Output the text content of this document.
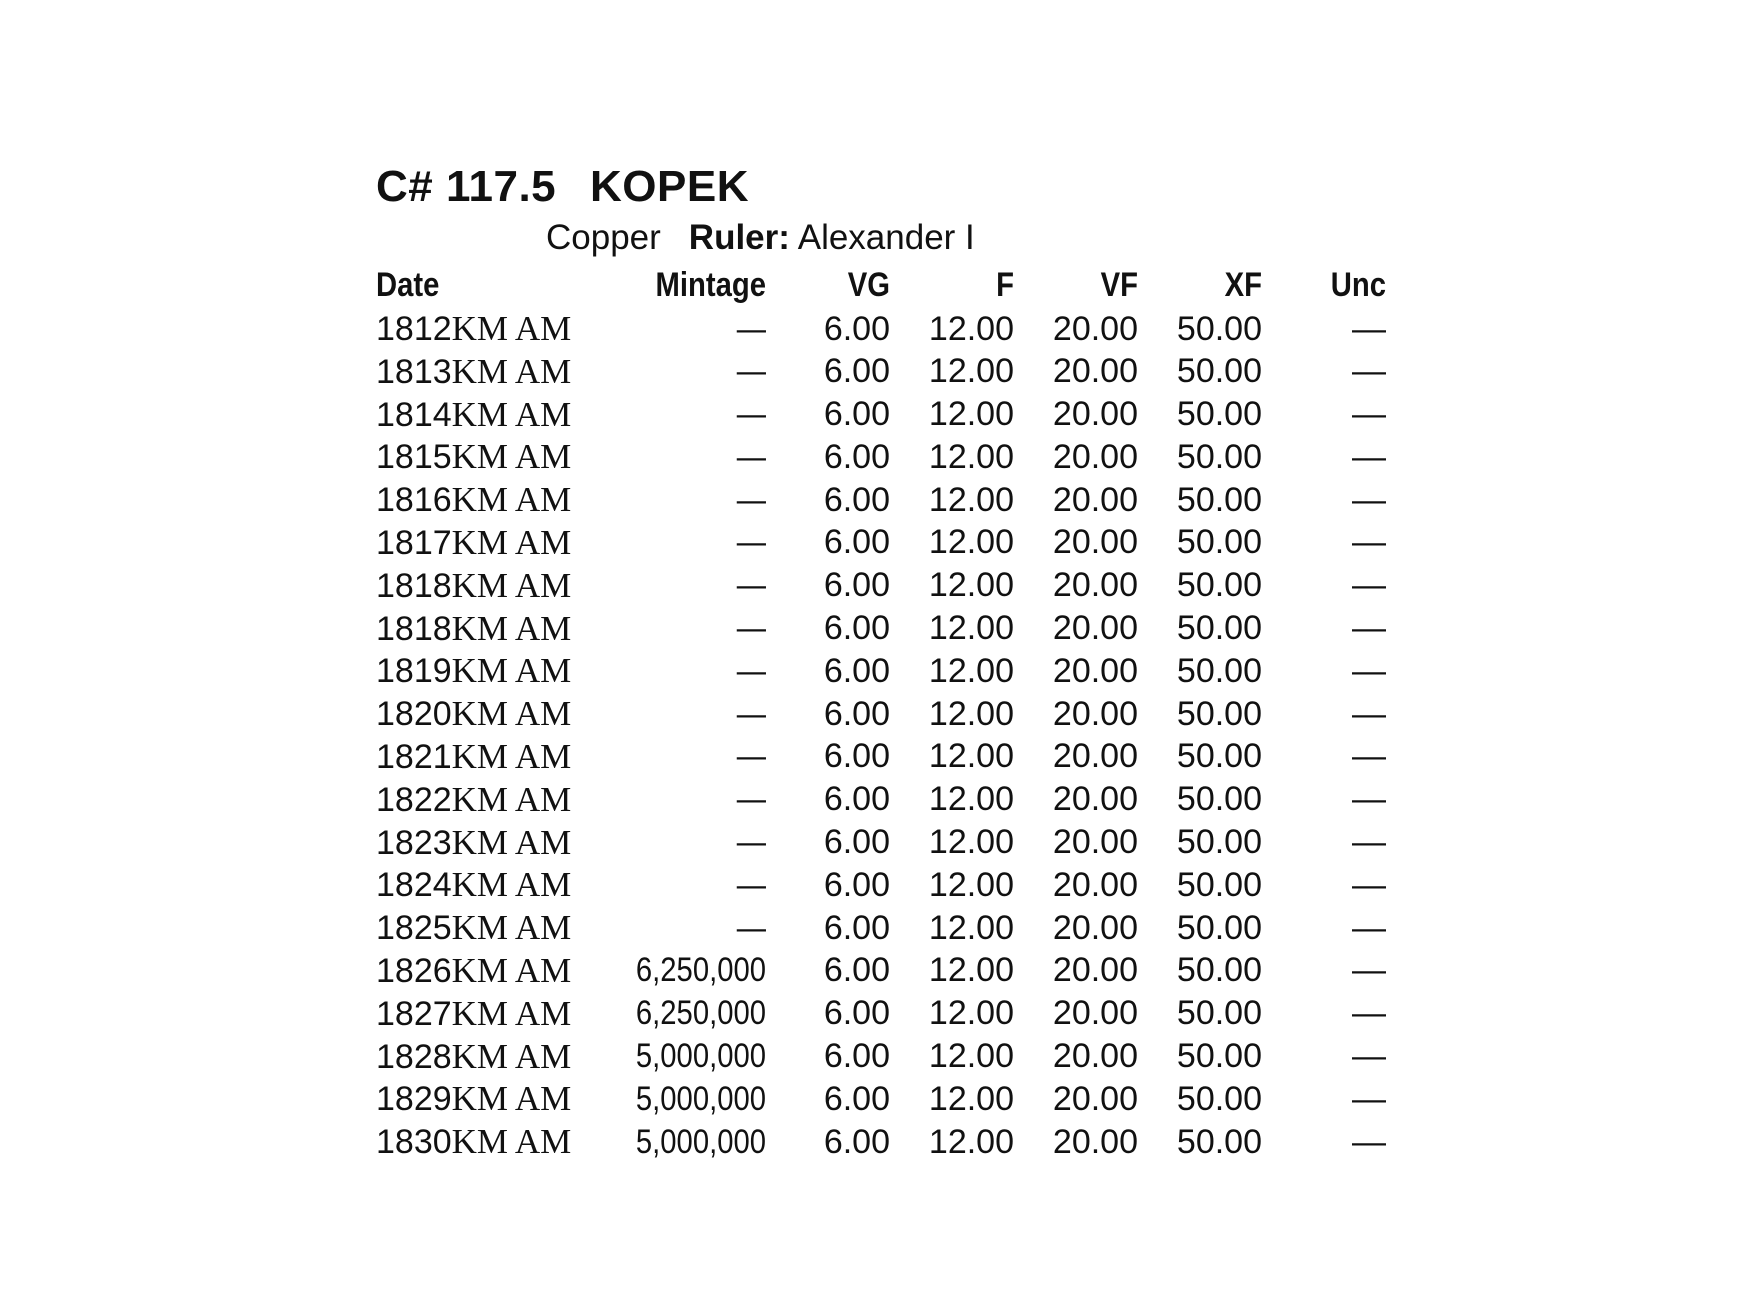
C# 117.5 KOPEK
Copper Ruler: Alexander I
Date	Mintage	VG	F	VF	XF	Unc
1812KM AM	—	6.00	12.00	20.00	50.00	—
1813KM AM	—	6.00	12.00	20.00	50.00	—
1814KM AM	—	6.00	12.00	20.00	50.00	—
1815KM AM	—	6.00	12.00	20.00	50.00	—
1816KM AM	—	6.00	12.00	20.00	50.00	—
1817KM AM	—	6.00	12.00	20.00	50.00	—
1818KM AM	—	6.00	12.00	20.00	50.00	—
1818KM AM	—	6.00	12.00	20.00	50.00	—
1819KM AM	—	6.00	12.00	20.00	50.00	—
1820KM AM	—	6.00	12.00	20.00	50.00	—
1821KM AM	—	6.00	12.00	20.00	50.00	—
1822KM AM	—	6.00	12.00	20.00	50.00	—
1823KM AM	—	6.00	12.00	20.00	50.00	—
1824KM AM	—	6.00	12.00	20.00	50.00	—
1825KM AM	—	6.00	12.00	20.00	50.00	—
1826KM AM	6,250,000	6.00	12.00	20.00	50.00	—
1827KM AM	6,250,000	6.00	12.00	20.00	50.00	—
1828KM AM	5,000,000	6.00	12.00	20.00	50.00	—
1829KM AM	5,000,000	6.00	12.00	20.00	50.00	—
1830KM AM	5,000,000	6.00	12.00	20.00	50.00	—
